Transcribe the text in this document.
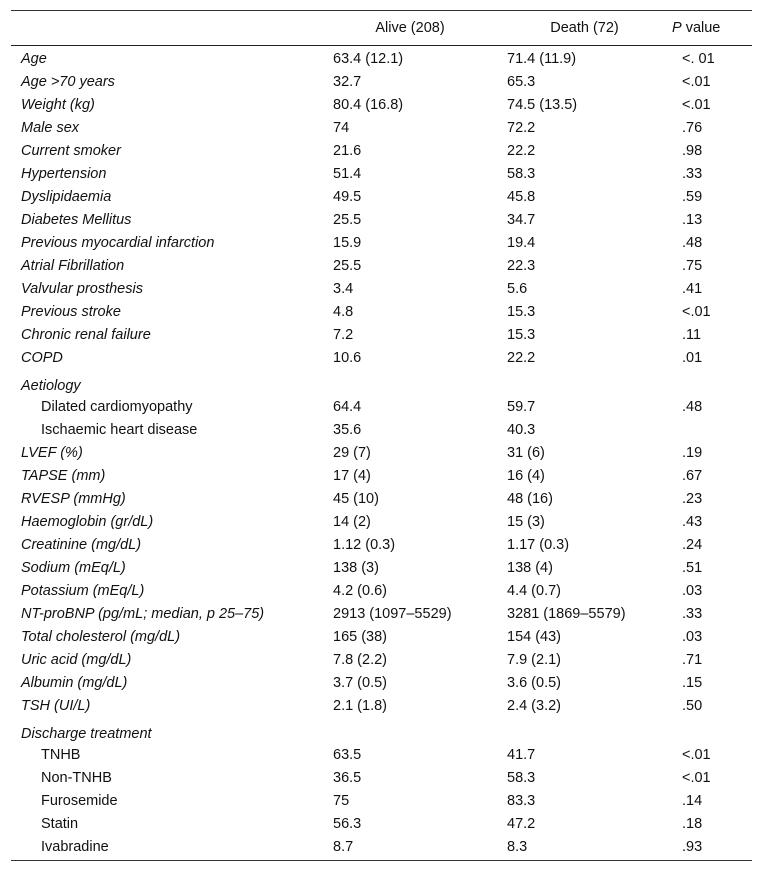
	Alive (208)	Death (72)	P value
Age	63.4 (12.1)	71.4 (11.9)	<. 01
Age >70 years	32.7	65.3	<.01
Weight (kg)	80.4 (16.8)	74.5 (13.5)	<.01
Male sex	74	72.2	.76
Current smoker	21.6	22.2	.98
Hypertension	51.4	58.3	.33
Dyslipidaemia	49.5	45.8	.59
Diabetes Mellitus	25.5	34.7	.13
Previous myocardial infarction	15.9	19.4	.48
Atrial Fibrillation	25.5	22.3	.75
Valvular prosthesis	3.4	5.6	.41
Previous stroke	4.8	15.3	<.01
Chronic renal failure	7.2	15.3	.11
COPD	10.6	22.2	.01
Aetiology			
Dilated cardiomyopathy	64.4	59.7	.48
Ischaemic heart disease	35.6	40.3	
LVEF (%)	29 (7)	31 (6)	.19
TAPSE (mm)	17 (4)	16 (4)	.67
RVESP (mmHg)	45 (10)	48 (16)	.23
Haemoglobin (gr/dL)	14 (2)	15 (3)	.43
Creatinine (mg/dL)	1.12 (0.3)	1.17 (0.3)	.24
Sodium (mEq/L)	138 (3)	138 (4)	.51
Potassium (mEq/L)	4.2 (0.6)	4.4 (0.7)	.03
NT-proBNP (pg/mL; median, p 25–75)	2913 (1097–5529)	3281 (1869–5579)	.33
Total cholesterol (mg/dL)	165 (38)	154 (43)	.03
Uric acid (mg/dL)	7.8 (2.2)	7.9 (2.1)	.71
Albumin (mg/dL)	3.7 (0.5)	3.6 (0.5)	.15
TSH (UI/L)	2.1 (1.8)	2.4 (3.2)	.50
Discharge treatment			
TNHB	63.5	41.7	<.01
Non-TNHB	36.5	58.3	<.01
Furosemide	75	83.3	.14
Statin	56.3	47.2	.18
Ivabradine	8.7	8.3	.93
